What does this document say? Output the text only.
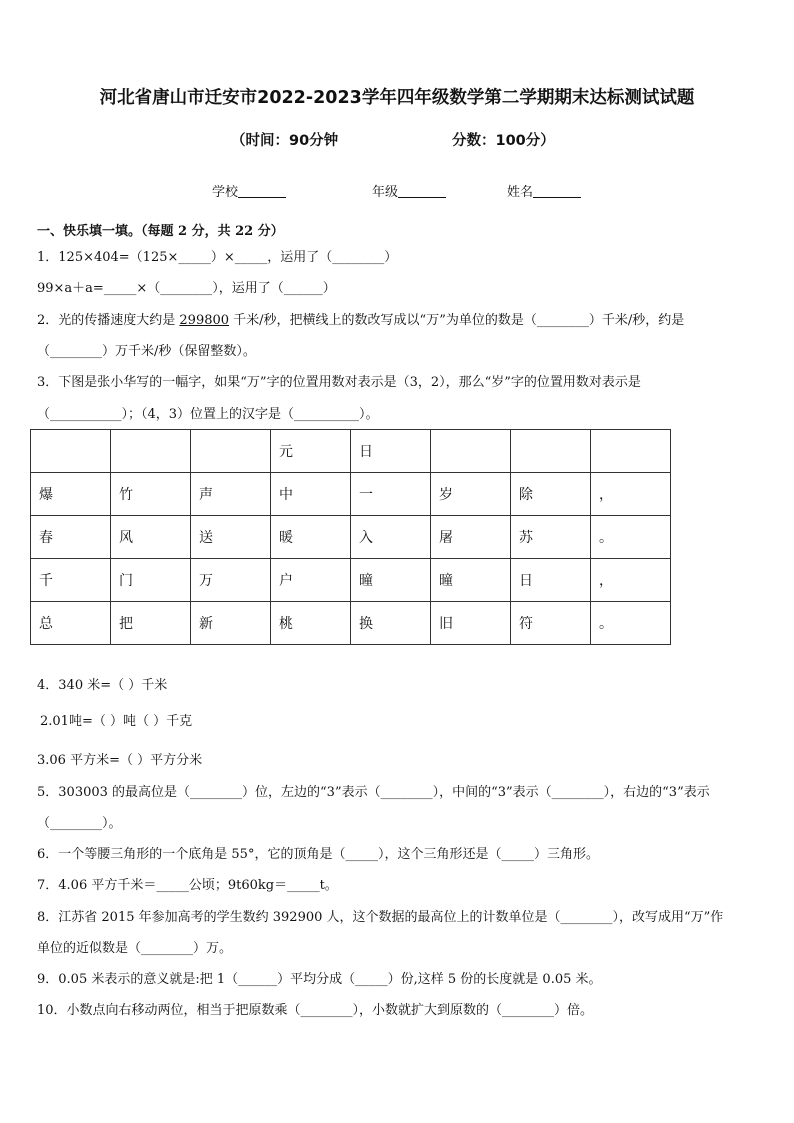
河北省唐山市迁安市2022-2023学年四年级数学第二学期期末达标测试试题
（时间：90分钟	分数：100分）
学校	年级	姓名
一、快乐填一填。（每题 2 分，共 22 分）
1．125×404=（125×_____）×_____，运用了（________）
99×a＋a=_____×（________），运用了（______）
2．光的传播速度大约是 299800 千米/秒，把横线上的数改写成以“万”为单位的数是（________）千米/秒，约是
（________）万千米/秒（保留整数）。
3．下图是张小华写的一幅字，如果“万”字的位置用数对表示是（3，2），那么“岁”字的位置用数对表示是
（___________）；（4，3）位置上的汉字是（__________）。
			元	日			
爆	竹	声	中	一	岁	除	，
春	风	送	暖	入	屠	苏	。
千	门	万	户	曈	曈	日	，
总	把	新	桃	换	旧	符	。
4．340 米=（ ）千米
2.01吨=（ ）吨（ ）千克
3.06 平方米=（ ）平方分米
5．303003 的最高位是（________）位，左边的“3”表示（________），中间的“3”表示（________），右边的“3”表示
（________）。
6．一个等腰三角形的一个底角是 55°，它的顶角是（_____），这个三角形还是（_____）三角形。
7．4.06 平方千米＝_____公顷；9t60kg＝_____t。
8．江苏省 2015 年参加高考的学生数约 392900 人，这个数据的最高位上的计数单位是（________），改写成用“万”作
单位的近似数是（________）万。
9．0.05 米表示的意义就是:把 1（______）平均分成（_____）份,这样 5 份的长度就是 0.05 米。
10．小数点向右移动两位，相当于把原数乘（________），小数就扩大到原数的（________）倍。
